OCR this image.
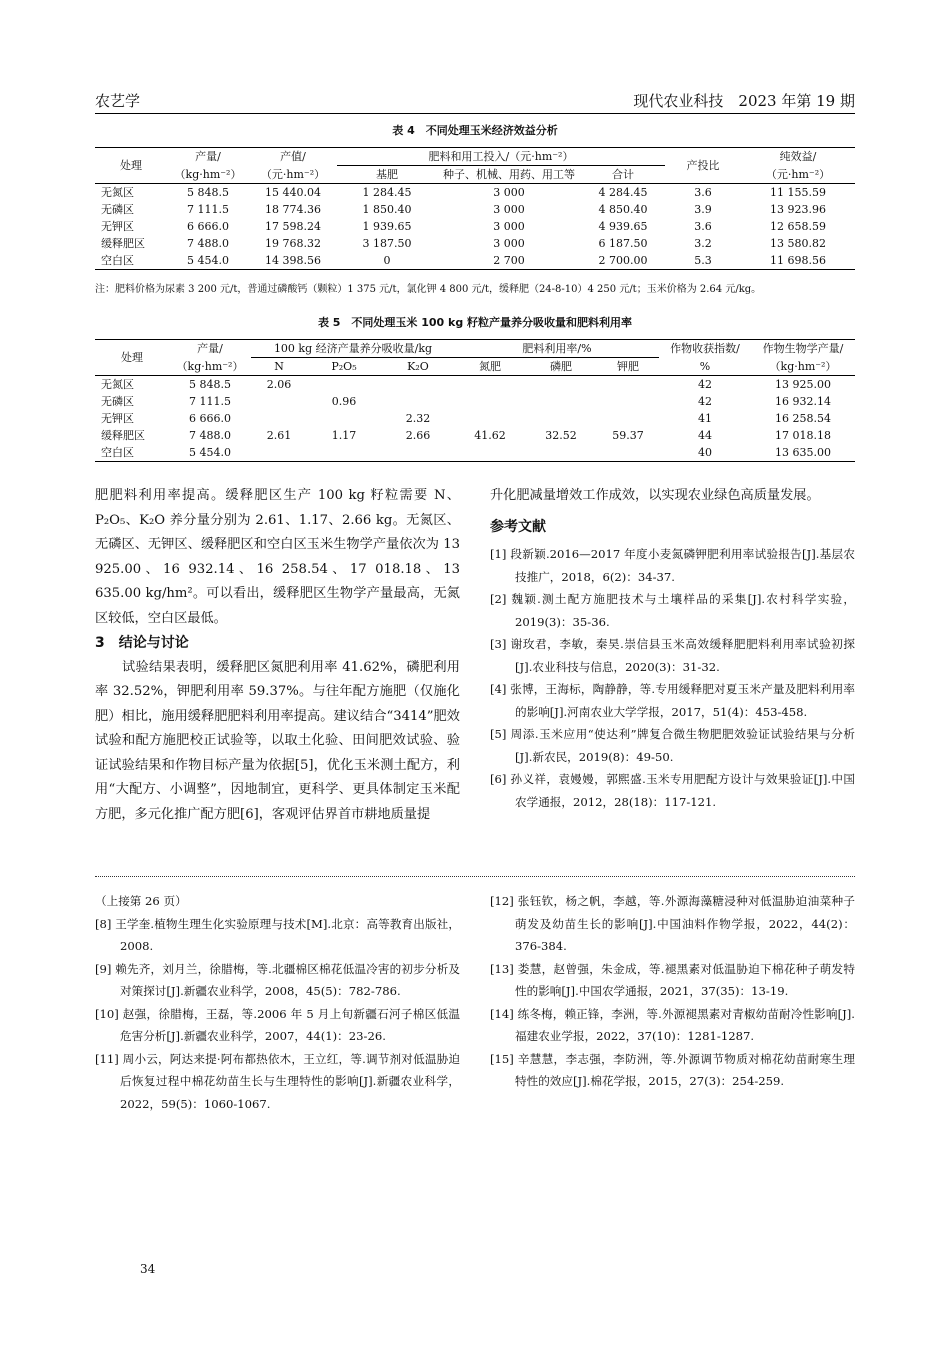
农艺学	现代农业科技　2023 年第 19 期
表 4　不同处理玉米经济效益分析
处理	产量/	产值/	肥料和用工投入/（元·hm⁻²）			产投比	纯效益/
	（kg·hm⁻²）	（元·hm⁻²）	基肥	种子、机械、用药、用工等	合计		（元·hm⁻²）
无氮区	5 848.5	15 440.04	1 284.45	3 000	4 284.45	3.6	11 155.59
无磷区	7 111.5	18 774.36	1 850.40	3 000	4 850.40	3.9	13 923.96
无钾区	6 666.0	17 598.24	1 939.65	3 000	4 939.65	3.6	12 658.59
缓释肥区	7 488.0	19 768.32	3 187.50	3 000	6 187.50	3.2	13 580.82
空白区	5 454.0	14 398.56	0	2 700	2 700.00	5.3	11 698.56
注：肥料价格为尿素 3 200 元/t，普通过磷酸钙（颗粒）1 375 元/t，氯化钾 4 800 元/t，缓释肥（24-8-10）4 250 元/t；玉米价格为 2.64 元/kg。
表 5　不同处理玉米 100 kg 籽粒产量养分吸收量和肥料利用率
处理	产量/	100 kg 经济产量养分吸收量/kg			肥料利用率/%			作物收获指数/	作物生物学产量/
	（kg·hm⁻²）	N	P₂O₅	K₂O	氮肥	磷肥	钾肥	%	（kg·hm⁻²）
无氮区	5 848.5	2.06						42	13 925.00
无磷区	7 111.5		0.96					42	16 932.14
无钾区	6 666.0			2.32				41	16 258.54
缓释肥区	7 488.0	2.61	1.17	2.66	41.62	32.52	59.37	44	17 018.18
空白区	5 454.0							40	13 635.00

肥肥料利用率提高。缓释肥区生产 100 kg 籽粒需要 N、P₂O₅、K₂O 养分量分别为 2.61、1.17、2.66 kg。无氮区、无磷区、无钾区、缓释肥区和空白区玉米生物学产量依次为 13 925.00、16 932.14、16 258.54、17 018.18、13 635.00 kg/hm²。可以看出，缓释肥区生物学产量最高，无氮区较低，空白区最低。

3　结论与讨论

　　试验结果表明，缓释肥区氮肥利用率 41.62%，磷肥利用率 32.52%，钾肥利用率 59.37%。与往年配方施肥（仅施化肥）相比，施用缓释肥肥料利用率提高。建议结合“3414”肥效试验和配方施肥校正试验等，以取土化验、田间肥效试验、验证试验结果和作物目标产量为依据[5]，优化玉米测土配方，利用“大配方、小调整”，因地制宜，更科学、更具体制定玉米配方肥，多元化推广配方肥[6]，客观评估界首市耕地质量提

升化肥减量增效工作成效，以实现农业绿色高质量发展。

参考文献

[1] 段新颖.2016—2017 年度小麦氮磷钾肥利用率试验报告[J].基层农技推广，2018，6(2)：34-37.

[2] 魏颖.测土配方施肥技术与土壤样品的采集[J].农村科学实验，2019(3)：35-36.

[3] 谢玫君，李敏，秦昊.崇信县玉米高效缓释肥肥料利用率试验初探[J].农业科技与信息，2020(3)：31-32.

[4] 张博，王海标，陶静静，等.专用缓释肥对夏玉米产量及肥料利用率的影响[J].河南农业大学学报，2017，51(4)：453-458.

[5] 周添.玉米应用“使达利”牌复合微生物肥肥效验证试验结果与分析[J].新农民，2019(8)：49-50.

[6] 孙义祥，袁嫚嫚，郭熙盛.玉米专用肥配方设计与效果验证[J].中国农学通报，2012，28(18)：117-121.

（上接第 26 页）

[8] 王学奎.植物生理生化实验原理与技术[M].北京：高等教育出版社，2008.

[9] 赖先齐，刘月兰，徐腊梅，等.北疆棉区棉花低温冷害的初步分析及对策探讨[J].新疆农业科学，2008，45(5)：782-786.

[10] 赵强，徐腊梅，王磊，等.2006 年 5 月上旬新疆石河子棉区低温危害分析[J].新疆农业科学，2007，44(1)：23-26.

[11] 周小云，阿达来提·阿布都热依木，王立红，等.调节剂对低温胁迫后恢复过程中棉花幼苗生长与生理特性的影响[J].新疆农业科学，2022，59(5)：1060-1067.

[12] 张钰钦，杨之帆，李越，等.外源海藻糖浸种对低温胁迫油菜种子萌发及幼苗生长的影响[J].中国油料作物学报，2022，44(2)：376-384.

[13] 娄慧，赵曾强，朱金成，等.褪黑素对低温胁迫下棉花种子萌发特性的影响[J].中国农学通报，2021，37(35)：13-19.

[14] 练冬梅，赖正锋，李洲，等.外源褪黑素对青椒幼苗耐冷性影响[J].福建农业学报，2022，37(10)：1281-1287.

[15] 辛慧慧，李志强，李防洲，等.外源调节物质对棉花幼苗耐寒生理特性的效应[J].棉花学报，2015，27(3)：254-259.

34
